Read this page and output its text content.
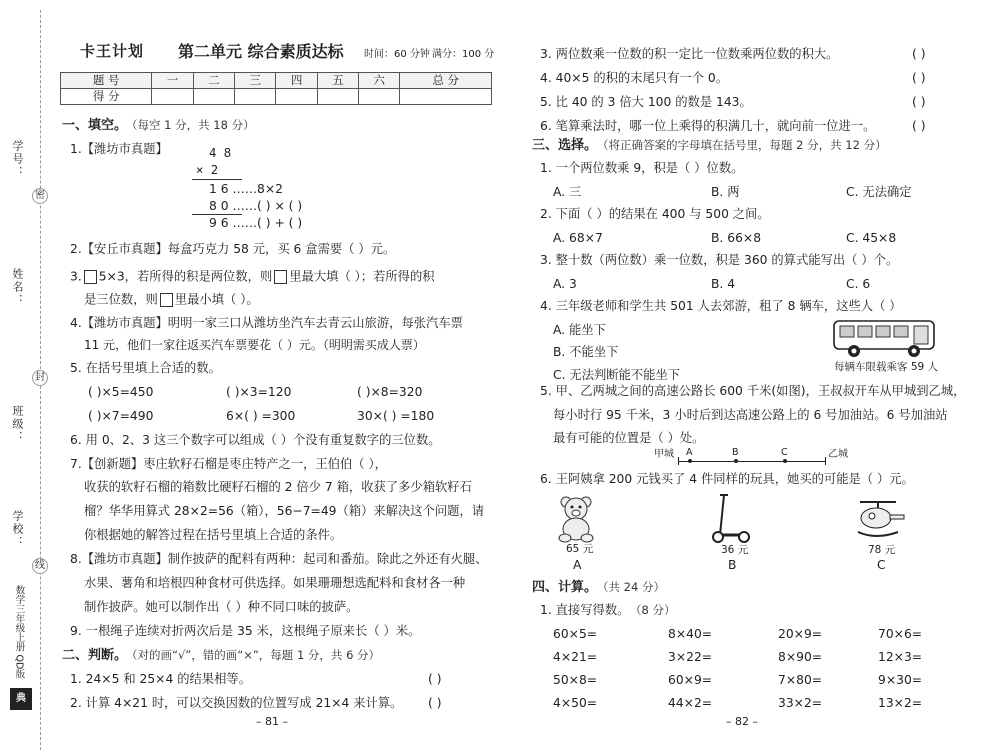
学号：
密
姓名：
封
班级：
学校：
线
数学三年级上册 QD版
典
卡王计划 第二单元 综合素质达标 时间：60 分钟 满分：100 分
题 号	一	二	三	四	五	六	总 分
得 分							
一、填空。
（每空 1 分，共 18 分）
1.【潍坊市真题】	4 8
× 2
1 6 ……8×2
8 0 ……( ) × ( )
9 6 ……( ) + ( )
2.【安丘市真题】每盒巧克力 58 元，买 6 盒需要（ ）元。
3. 5×3，若所得的积是两位数，则 里最大填（ ）；若所得的积
是三位数，则 里最小填（ ）。
4.【潍坊市真题】明明一家三口从潍坊坐汽车去青云山旅游，每张汽车票
11 元，他们一家往返买汽车票要花（ ）元。（明明需买成人票）
5. 在括号里填上合适的数。
( )×5=450	( )×3=120	( )×8=320
( )×7=490	6×( ) =300	30×( ) =180
6. 用 0、2、3 这三个数字可以组成（ ）个没有重复数字的三位数。
7.【创新题】枣庄软籽石榴是枣庄特产之一，王伯伯（ ），
收获的软籽石榴的箱数比硬籽石榴的 2 倍少 7 箱，收获了多少箱软籽石
榴？华华用算式 28×2=56（箱），56−7=49（箱）来解决这个问题，请
你根据她的解答过程在括号里填上合适的条件。
8.【潍坊市真题】制作披萨的配料有两种：起司和番茄。除此之外还有火腿、
水果、薯角和培根四种食材可供选择。如果珊珊想选配料和食材各一种
制作披萨。她可以制作出（ ）种不同口味的披萨。
9. 一根绳子连续对折两次后是 35 米，这根绳子原来长（ ）米。
二、判断。
（对的画“√”，错的画“×”，每题 1 分，共 6 分）
1. 24×5 和 25×4 的结果相等。	( )
2. 计算 4×21 时，可以交换因数的位置写成 21×4 来计算。 ( )
– 81 –
3. 两位数乘一位数的积一定比一位数乘两位数的积大。	( )
4. 40×5 的积的末尾只有一个 0。	( )
5. 比 40 的 3 倍大 100 的数是 143。	( )
6. 笔算乘法时，哪一位上乘得的积满几十，就向前一位进一。	( )
三、选择。 （将正确答案的字母填在括号里，每题 2 分，共 12 分）
1. 一个两位数乘 9，积是（ ）位数。
A. 三	B. 两	C. 无法确定
2. 下面（ ）的结果在 400 与 500 之间。
A. 68×7	B. 66×8	C. 45×8
3. 整十数（两位数）乘一位数，积是 360 的算式能写出（ ）个。
A. 3	B. 4	C. 6
4. 三年级老师和学生共 501 人去郊游，租了 8 辆车，这些人（ ）
A. 能坐下
B. 不能坐下
C. 无法判断能不能坐下
每辆车限载乘客 59 人
5. 甲、乙两城之间的高速公路长 600 千米(如图)，王叔叔开车从甲城到乙城，
每小时行 95 千米，3 小时后到达高速公路上的 6 号加油站。6 号加油站
最有可能的位置是（ ）处。
甲城	乙城
A	B	C
6. 王阿姨拿 200 元钱买了 4 件同样的玩具，她买的可能是（ ）元。
65 元
A
36 元
B
78 元
C
四、计算。 （共 24 分）
1. 直接写得数。 （8 分）
60×5=	8×40=	20×9=	70×6=
4×21=	3×22=	8×90=	12×3=
50×8=	60×9=	7×80=	9×30=
4×50=	44×2=	33×2=	13×2=
– 82 –
